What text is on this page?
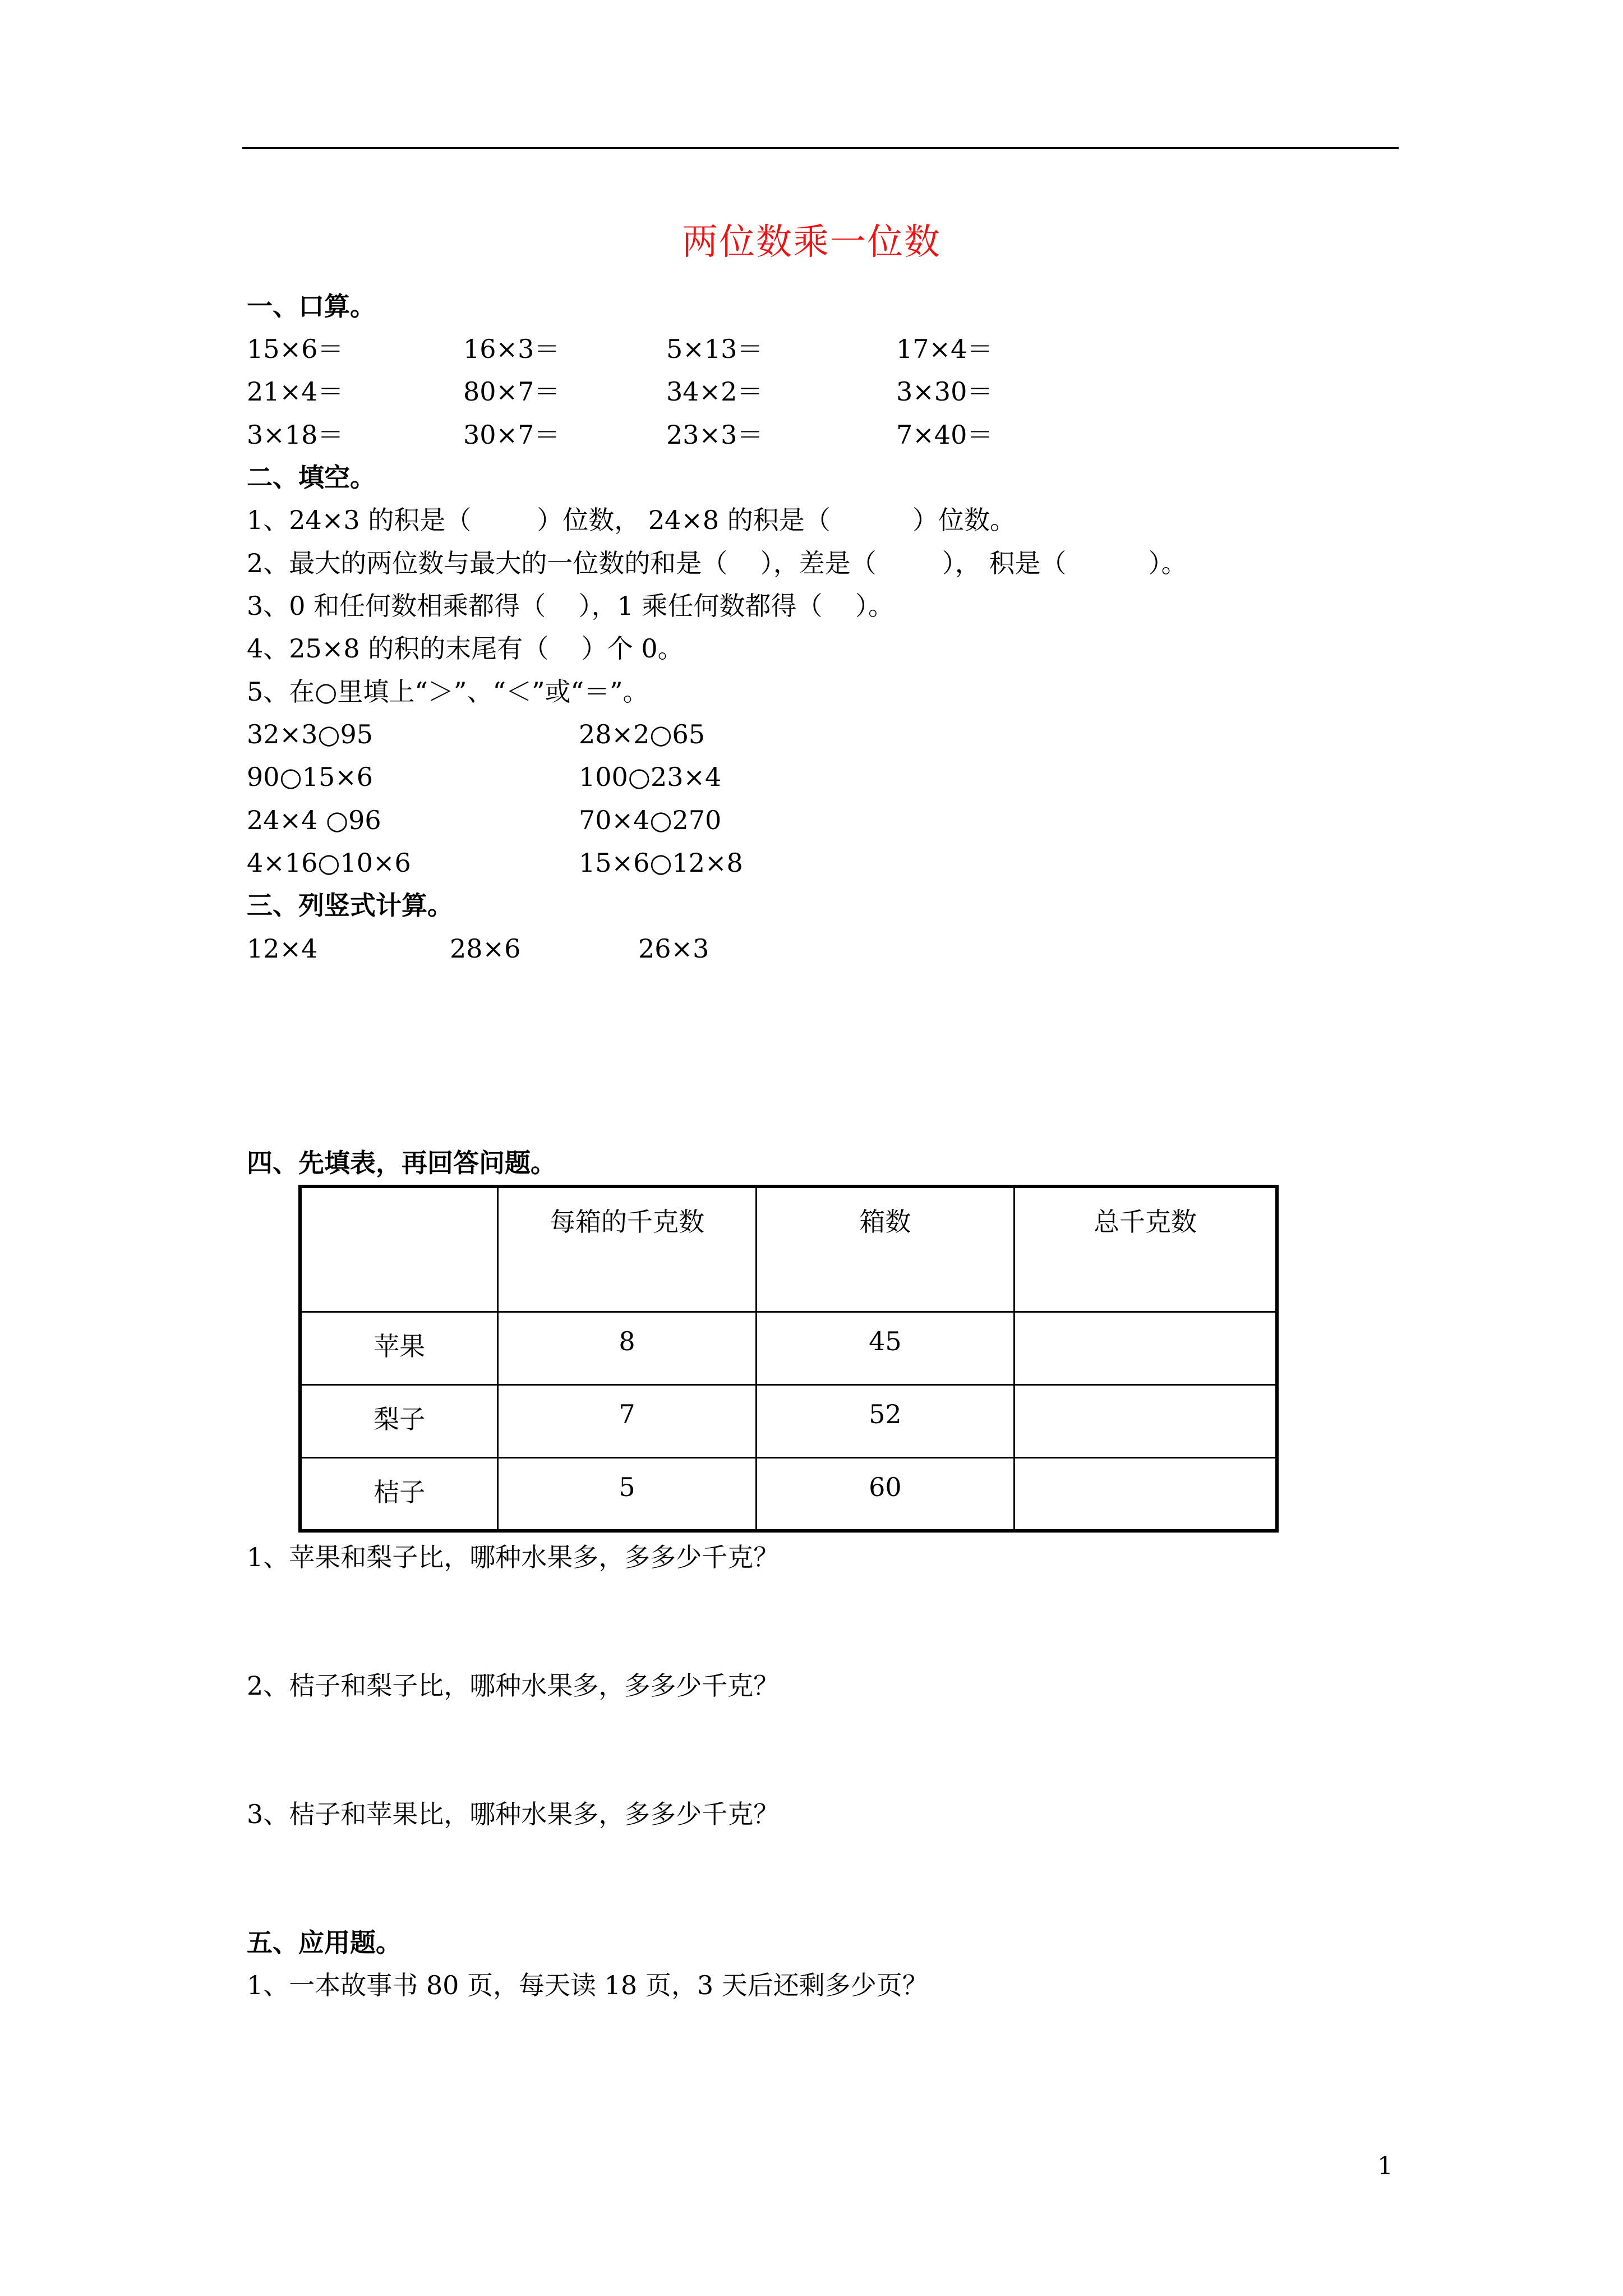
两位数乘一位数
一、口算。
15×6＝	16×3＝	5×13＝	17×4＝
21×4＝	80×7＝	34×2＝	3×30＝
3×18＝	30×7＝	23×3＝	7×40＝
二、填空。
1、24×3 的积是（        ）位数， 24×8 的积是（          ）位数。
2、最大的两位数与最大的一位数的和是（    ），差是（        ）， 积是（          ）。
3、0 和任何数相乘都得（    ），1 乘任何数都得（    ）。
4、25×8 的积的末尾有（    ）个 0。
5、在○里填上“＞”、“＜”或“＝”。
32×3○95	28×2○65
90○15×6	100○23×4
24×4 ○96	70×4○270
4×16○10×6	15×6○12×8
三、列竖式计算。
12×4	28×6	26×3
四、先填表，再回答问题。
	每箱的千克数	箱数	总千克数
苹果	8	45	
梨子	7	52	
桔子	5	60	
1、苹果和梨子比，哪种水果多，多多少千克？
2、桔子和梨子比，哪种水果多，多多少千克？
3、桔子和苹果比，哪种水果多，多多少千克？
五、应用题。
1、一本故事书 80 页，每天读 18 页，3 天后还剩多少页？
1
